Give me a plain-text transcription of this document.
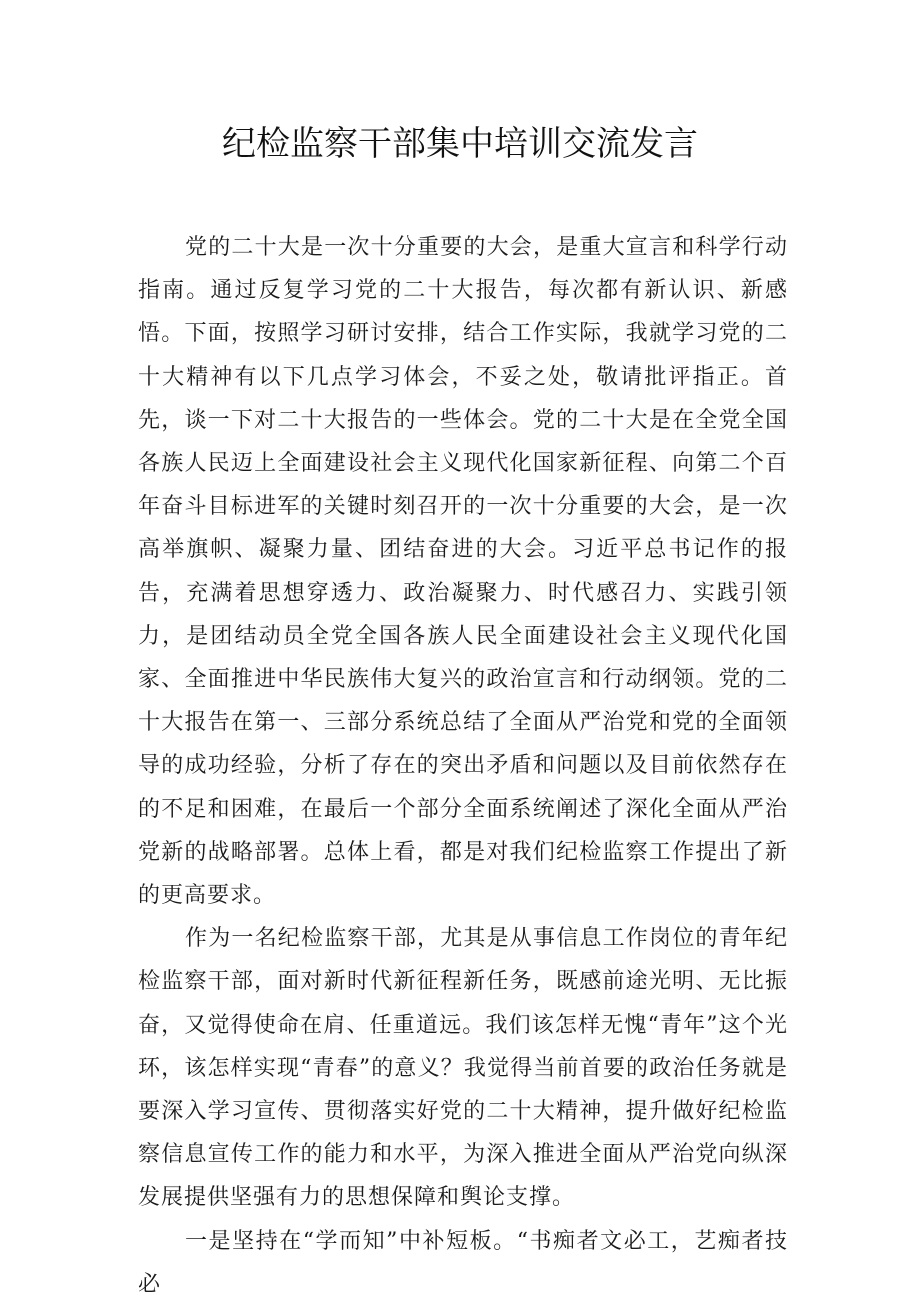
纪检监察干部集中培训交流发言

党的二十大是一次十分重要的大会，是重大宣言和科学行动指南。通过反复学习党的二十大报告，每次都有新认识、新感悟。下面，按照学习研讨安排，结合工作实际，我就学习党的二十大精神有以下几点学习体会，不妥之处，敬请批评指正。首先，谈一下对二十大报告的一些体会。党的二十大是在全党全国各族人民迈上全面建设社会主义现代化国家新征程、向第二个百年奋斗目标进军的关键时刻召开的一次十分重要的大会，是一次高举旗帜、凝聚力量、团结奋进的大会。习近平总书记作的报告，充满着思想穿透力、政治凝聚力、时代感召力、实践引领力，是团结动员全党全国各族人民全面建设社会主义现代化国家、全面推进中华民族伟大复兴的政治宣言和行动纲领。党的二十大报告在第一、三部分系统总结了全面从严治党和党的全面领导的成功经验，分析了存在的突出矛盾和问题以及目前依然存在的不足和困难，在最后一个部分全面系统阐述了深化全面从严治党新的战略部署。总体上看，都是对我们纪检监察工作提出了新的更高要求。

作为一名纪检监察干部，尤其是从事信息工作岗位的青年纪检监察干部，面对新时代新征程新任务，既感前途光明、无比振奋，又觉得使命在肩、任重道远。我们该怎样无愧“青年”这个光环，该怎样实现“青春”的意义？我觉得当前首要的政治任务就是要深入学习宣传、贯彻落实好党的二十大精神，提升做好纪检监察信息宣传工作的能力和水平，为深入推进全面从严治党向纵深发展提供坚强有力的思想保障和舆论支撑。

一是坚持在“学而知”中补短板。“书痴者文必工，艺痴者技必
